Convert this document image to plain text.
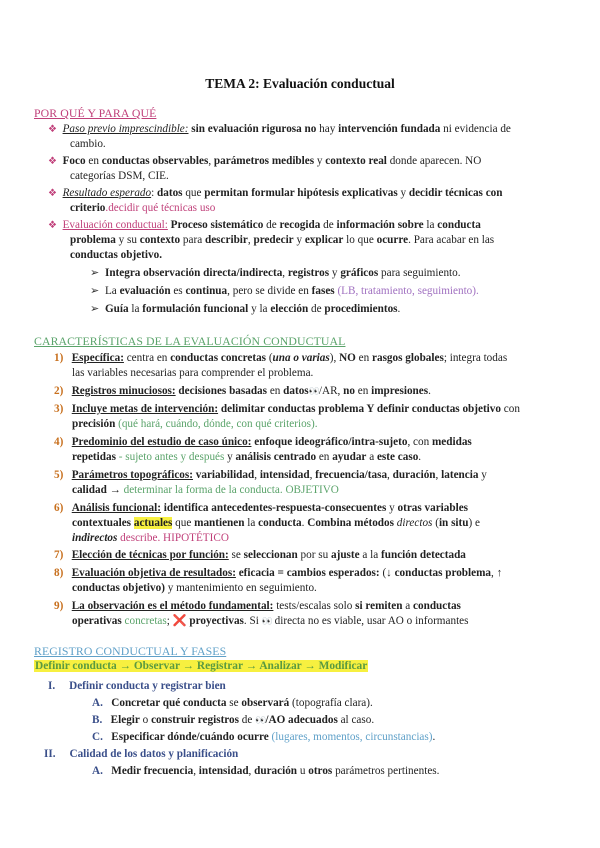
TEMA 2: Evaluación conductual
POR QUÉ Y PARA QUÉ
❖ Paso previo imprescindible: sin evaluación rigurosa no hay intervención fundada ni evidencia de
cambio.
❖ Foco en conductas observables, parámetros medibles y contexto real donde aparecen. NO
categorías DSM, CIE.
❖ Resultado esperado: datos que permitan formular hipótesis explicativas y decidir técnicas con
criterio.decidir qué técnicas uso
❖ Evaluación conductual: Proceso sistemático de recogida de información sobre la conducta
problema y su contexto para describir, predecir y explicar lo que ocurre. Para acabar en las
conductas objetivo.
➢ Integra observación directa/indirecta, registros y gráficos para seguimiento.
➢ La evaluación es continua, pero se divide en fases (LB, tratamiento, seguimiento).
➢ Guía la formulación funcional y la elección de procedimientos.
CARACTERÍSTICAS DE LA EVALUACIÓN CONDUCTUAL
1) Específica: centra en conductas concretas (una o varias), NO en rasgos globales; integra todas
las variables necesarias para comprender el problema.
2) Registros minuciosos: decisiones basadas en datos👀/AR, no en impresiones.
3) Incluye metas de intervención: delimitar conductas problema Y definir conductas objetivo con
precisión (qué hará, cuándo, dónde, con qué criterios).
4) Predominio del estudio de caso único: enfoque ideográfico/intra-sujeto, con medidas
repetidas - sujeto antes y después y análisis centrado en ayudar a este caso.
5) Parámetros topográficos: variabilidad, intensidad, frecuencia/tasa, duración, latencia y
calidad → determinar la forma de la conducta. OBJETIVO
6) Análisis funcional: identifica antecedentes-respuesta-consecuentes y otras variables
contextuales actuales que mantienen la conducta. Combina métodos directos (in situ) e
indirectos describe. HIPOTÉTICO
7) Elección de técnicas por función: se seleccionan por su ajuste a la función detectada
8) Evaluación objetiva de resultados: eficacia = cambios esperados: (↓ conductas problema, ↑
conductas objetivo) y mantenimiento en seguimiento.
9) La observación es el método fundamental: tests/escalas solo si remiten a conductas
operativas concretas; ❌ proyectivas. Si 👀 directa no es viable, usar AO o informantes
REGISTRO CONDUCTUAL Y FASES
Definir conducta → Observar → Registrar → Analizar → Modificar
I. Definir conducta y registrar bien
A. Concretar qué conducta se observará (topografía clara).
B. Elegir o construir registros de 👀/AO adecuados al caso.
C. Especificar dónde/cuándo ocurre (lugares, momentos, circunstancias).
II. Calidad de los datos y planificación
A. Medir frecuencia, intensidad, duración u otros parámetros pertinentes.
